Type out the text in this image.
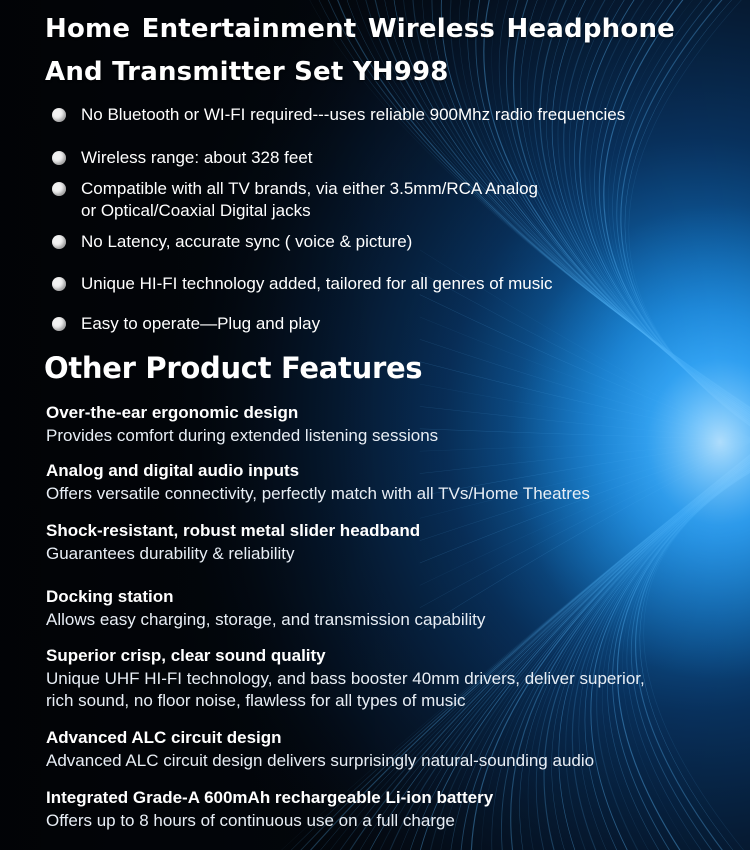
Home Entertainment Wireless Headphone And Transmitter Set YH998
No Bluetooth or WI-FI required---uses reliable 900Mhz radio frequencies
Wireless range: about 328 feet
Compatible with all TV brands, via either 3.5mm/RCA Analog
or Optical/Coaxial Digital jacks
No Latency, accurate sync ( voice & picture)
Unique HI-FI technology added, tailored for all genres of music
Easy to operate—Plug and play
Other Product Features

Over-the-ear ergonomic design

Provides comfort during extended listening sessions

Analog and digital audio inputs

Offers versatile connectivity, perfectly match with all TVs/Home Theatres

Shock-resistant, robust metal slider headband

Guarantees durability & reliability

Docking station

Allows easy charging, storage, and transmission capability

Superior crisp, clear sound quality

Unique UHF HI-FI technology, and bass booster 40mm drivers, deliver superior, rich sound, no floor noise, flawless for all types of music

Advanced ALC circuit design

Advanced ALC circuit design delivers surprisingly natural-sounding audio

Integrated Grade-A 600mAh rechargeable Li-ion battery

Offers up to 8 hours of continuous use on a full charge
